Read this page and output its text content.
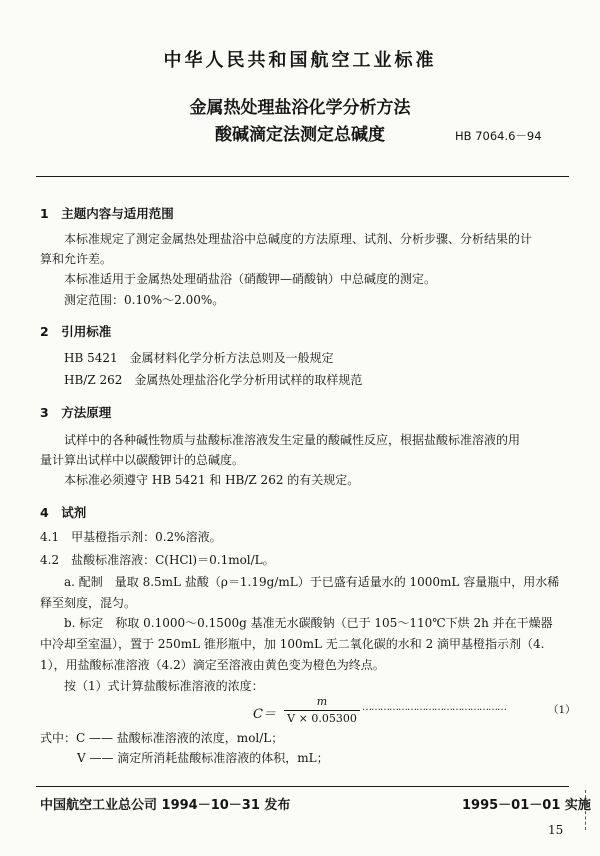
中华人民共和国航空工业标准
金属热处理盐浴化学分析方法
酸碱滴定法测定总碱度	HB 7064.6－94
1　主题内容与适用范围
本标准规定了测定金属热处理盐浴中总碱度的方法原理、试剂、分析步骤、分析结果的计
算和允许差。
本标准适用于金属热处理硝盐浴（硝酸钾—硝酸钠）中总碱度的测定。
测定范围：0.10%～2.00%。
2　引用标准
HB 5421　金属材料化学分析方法总则及一般规定
HB/Z 262　金属热处理盐浴化学分析用试样的取样规范
3　方法原理
试样中的各种碱性物质与盐酸标准溶液发生定量的酸碱性反应，根据盐酸标准溶液的用
量计算出试样中以碳酸钾计的总碱度。
本标准必须遵守 HB 5421 和 HB/Z 262 的有关规定。
4　试剂
4.1　甲基橙指示剂：0.2%溶液。
4.2　盐酸标准溶液：C(HCl)＝0.1mol/L。
a. 配制　量取 8.5mL 盐酸（ρ＝1.19g/mL）于已盛有适量水的 1000mL 容量瓶中，用水稀
释至刻度，混匀。
b. 标定　称取 0.1000～0.1500g 基准无水碳酸钠（已于 105～110℃下烘 2h 并在干燥器
中冷却至室温），置于 250mL 锥形瓶中，加 100mL 无二氧化碳的水和 2 滴甲基橙指示剂（4.
1），用盐酸标准溶液（4.2）滴定至溶液由黄色变为橙色为终点。
按（1）式计算盐酸标准溶液的浓度：
C＝
m
V × 0.05300
…………………………………………	（1）
式中：C —— 盐酸标准溶液的浓度，mol/L；
V —— 滴定所消耗盐酸标准溶液的体积，mL；
中国航空工业总公司 1994－10－31 发布	1995－01－01 实施
15
